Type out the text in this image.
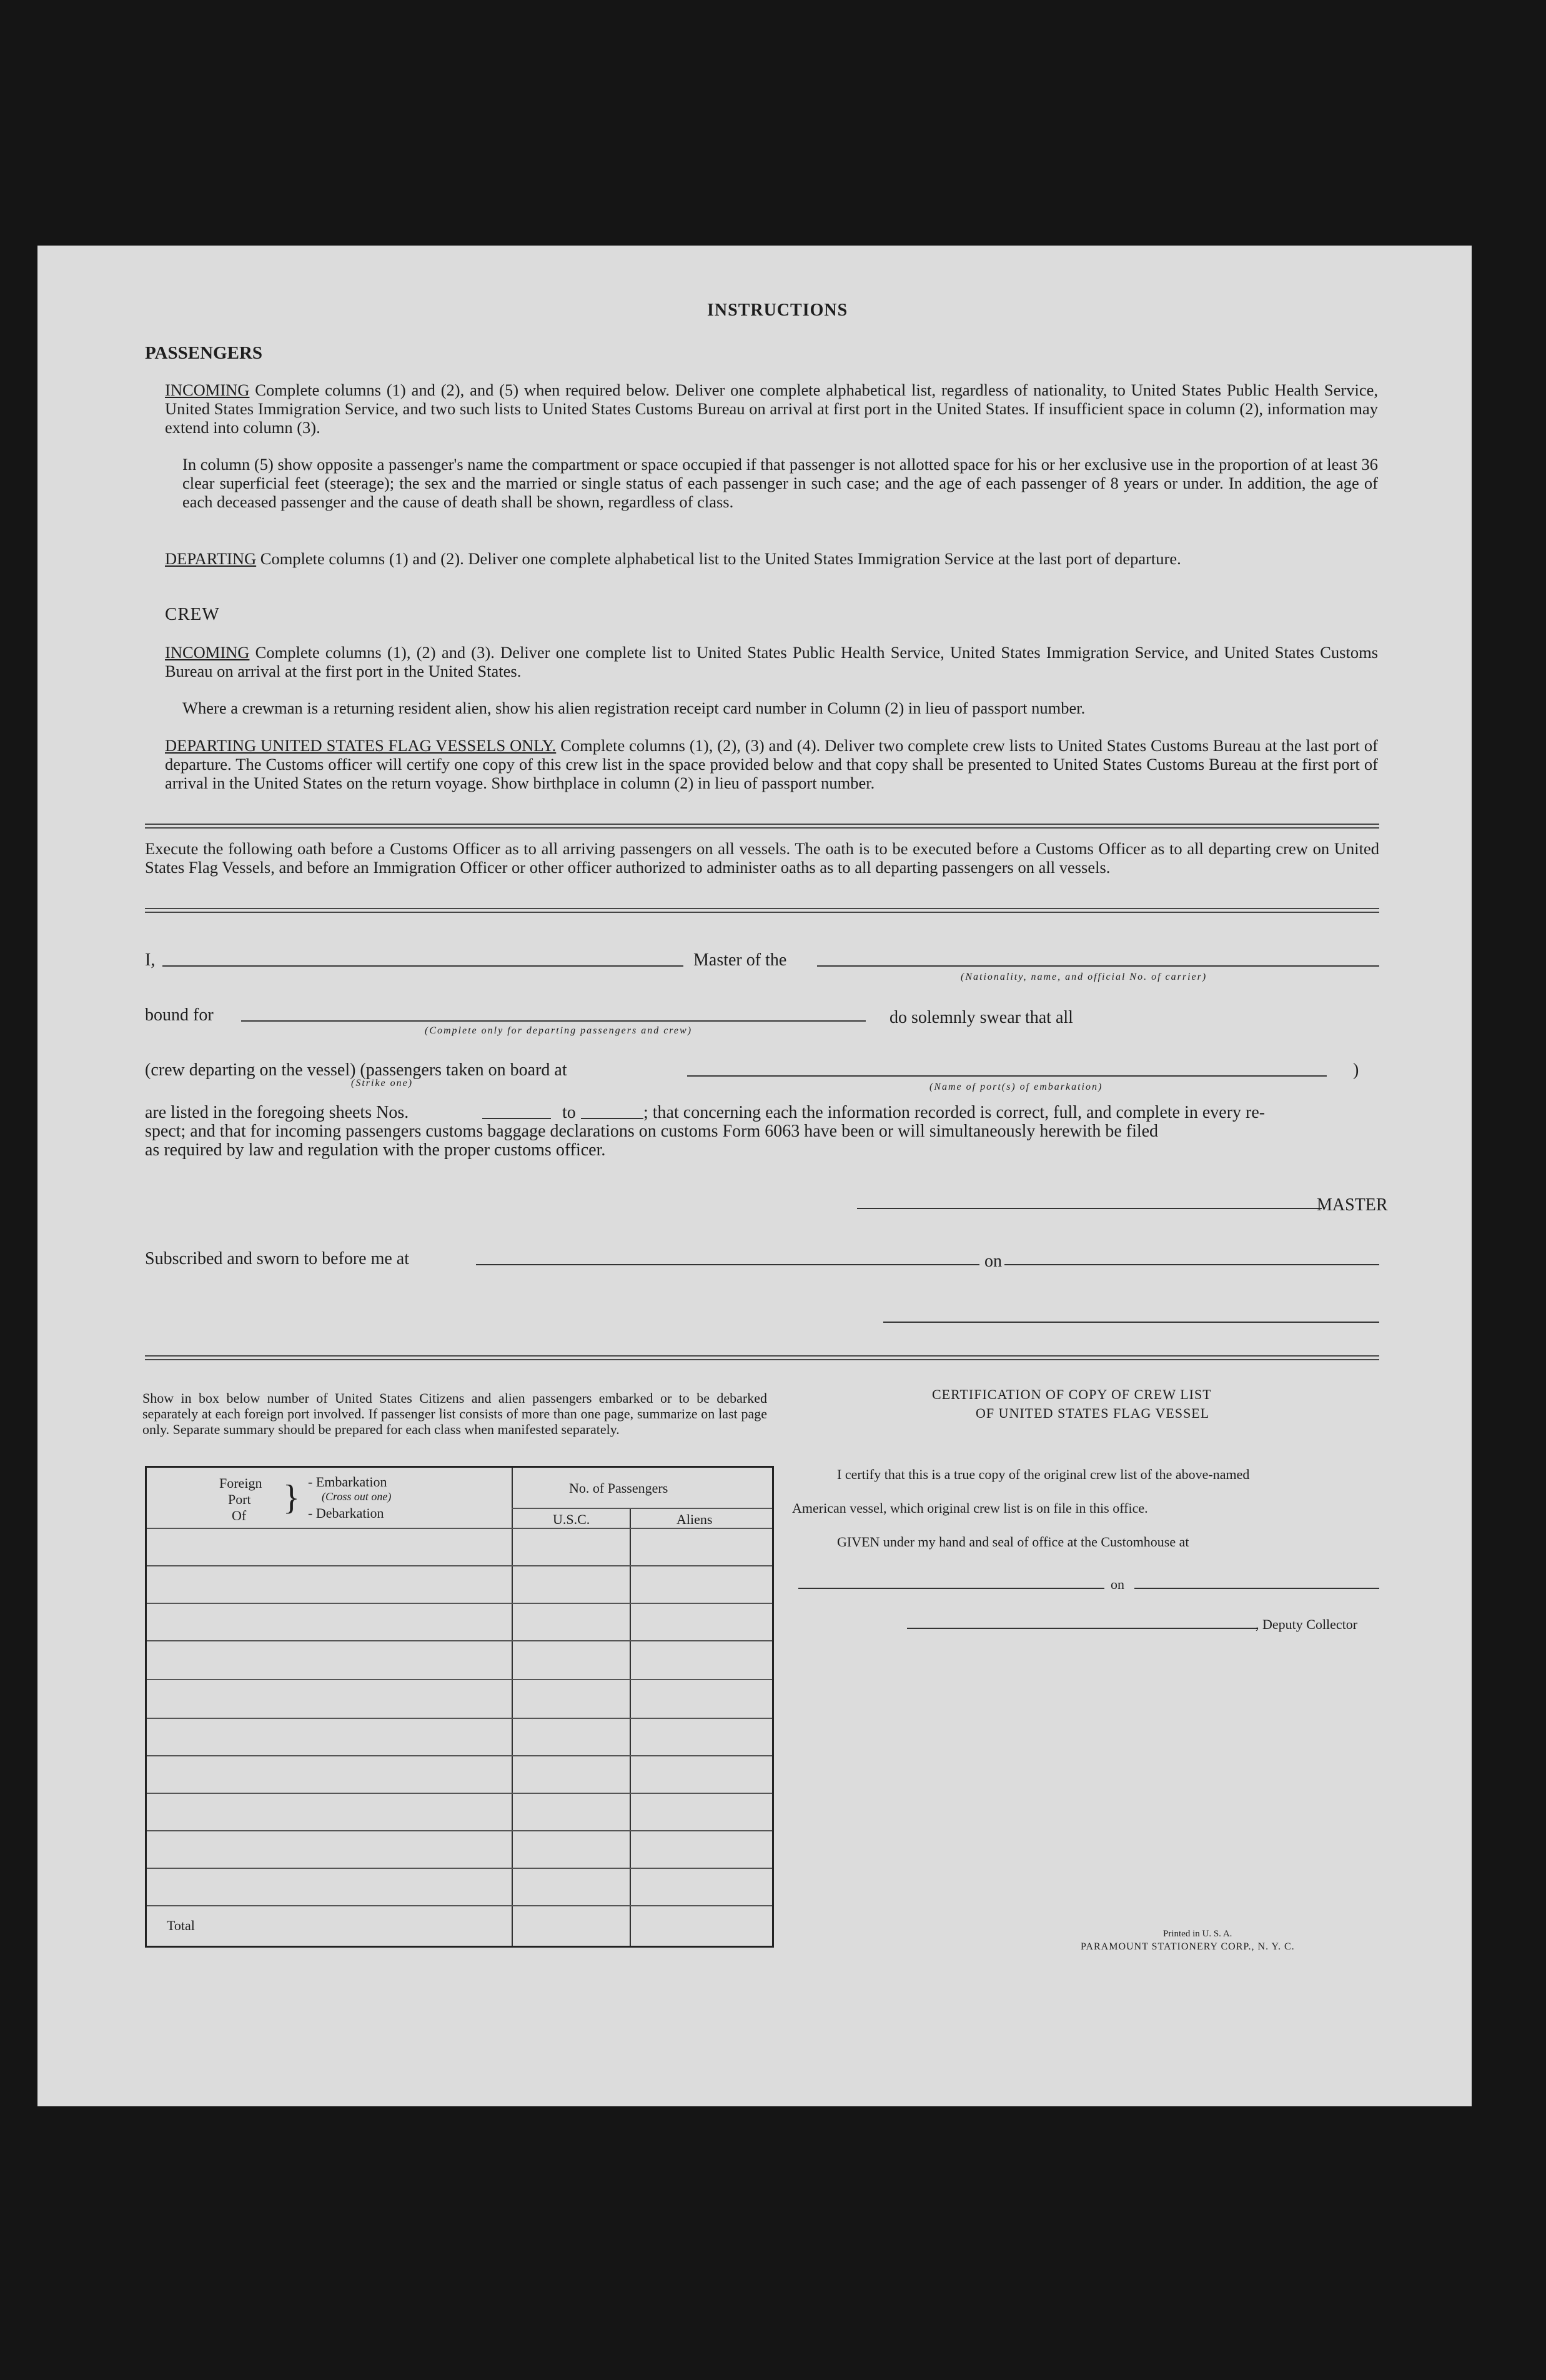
INSTRUCTIONS
PASSENGERS
INCOMING Complete columns (1) and (2), and (5) when required below. Deliver one complete alphabetical list, regardless of nationality, to United States Public Health Service, United States Immigration Service, and two such lists to United States Customs Bureau on arrival at first port in the United States. If insufficient space in column (2), information may extend into column (3).
In column (5) show opposite a passenger's name the compartment or space occupied if that passenger is not allotted space for his or her exclusive use in the proportion of at least 36 clear superficial feet (steerage); the sex and the married or single status of each passenger in such case; and the age of each passenger of 8 years or under. In addition, the age of each deceased passenger and the cause of death shall be shown, regardless of class.
DEPARTING Complete columns (1) and (2). Deliver one complete alphabetical list to the United States Immigration Service at the last port of departure.
CREW
INCOMING Complete columns (1), (2) and (3). Deliver one complete list to United States Public Health Service, United States Immigration Service, and United States Customs Bureau on arrival at the first port in the United States.
Where a crewman is a returning resident alien, show his alien registration receipt card number in Column (2) in lieu of passport number.
DEPARTING UNITED STATES FLAG VESSELS ONLY. Complete columns (1), (2), (3) and (4). Deliver two complete crew lists to United States Customs Bureau at the last port of departure. The Customs officer will certify one copy of this crew list in the space provided below and that copy shall be presented to United States Customs Bureau at the first port of arrival in the United States on the return voyage. Show birthplace in column (2) in lieu of passport number.
Execute the following oath before a Customs Officer as to all arriving passengers on all vessels. The oath is to be executed before a Customs Officer as to all departing crew on United States Flag Vessels, and before an Immigration Officer or other officer authorized to administer oaths as to all departing passengers on all vessels.
I,	Master of the
(Nationality, name, and official No. of carrier)
bound for
(Complete only for departing passengers and crew)
do solemnly swear that all
(crew departing on the vessel) (passengers taken on board at	)
(Strike one)	(Name of port(s) of embarkation)
are listed in the foregoing sheets Nos.	to	; that concerning each the information recorded is correct, full, and complete in every re-
spect; and that for incoming passengers customs baggage declarations on customs Form 6063 have been or will simultaneously herewith be filed
as required by law and regulation with the proper customs officer.
MASTER
Subscribed and sworn to before me at	on
Show in box below number of United States Citizens and alien passengers embarked or to be debarked separately at each foreign port involved. If passenger list consists of more than one page, summarize on last page only. Separate summary should be prepared for each class when manifested separately.
Foreign
Port
Of } - Embarkation
(Cross out one)
- Debarkation
No. of Passengers
U.S.C.	Aliens
Total
CERTIFICATION OF COPY OF CREW LIST
OF UNITED STATES FLAG VESSEL
I certify that this is a true copy of the original crew list of the above-named
American vessel, which original crew list is on file in this office.
GIVEN under my hand and seal of office at the Customhouse at
on
, Deputy Collector
Printed in U. S. A.
PARAMOUNT STATIONERY CORP., N. Y. C.
